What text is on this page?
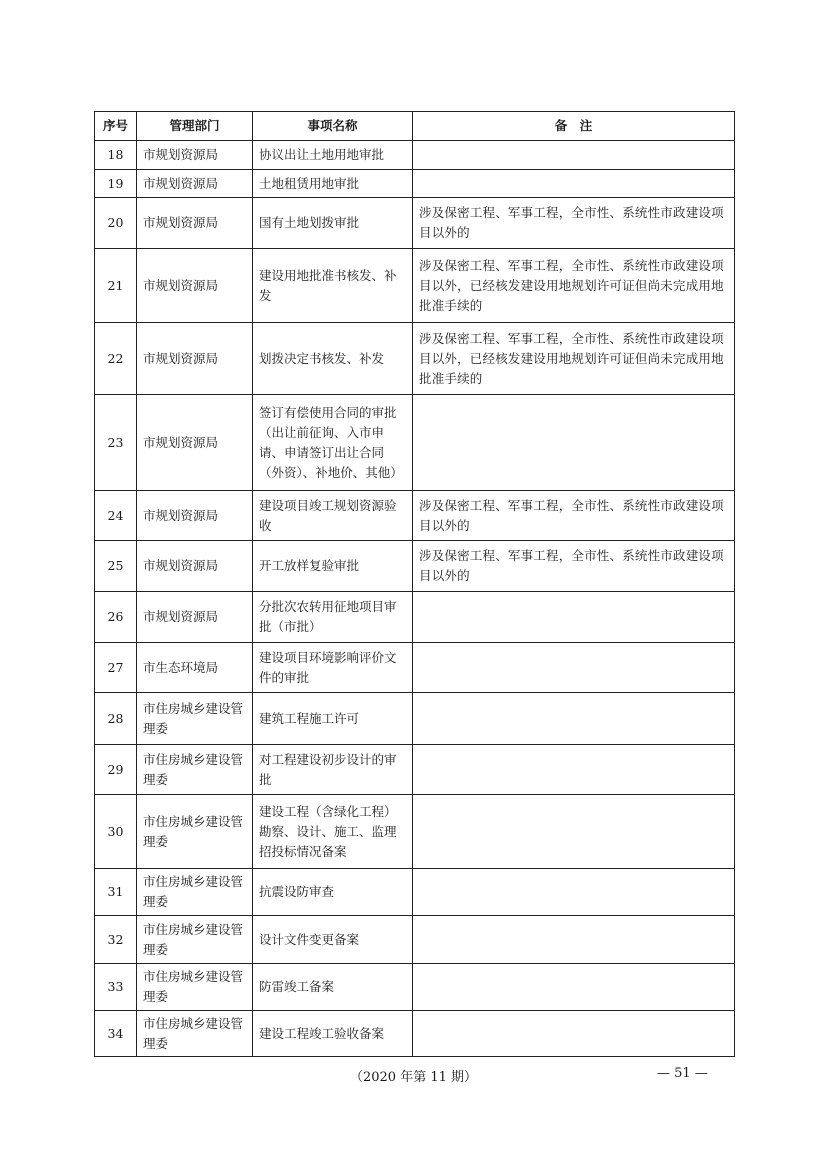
序号	管理部门	事项名称	备　注
18	市规划资源局	协议出让土地用地审批	
19	市规划资源局	土地租赁用地审批	
20	市规划资源局	国有土地划拨审批	涉及保密工程、军事工程，全市性、系统性市政建设项目以外的
21	市规划资源局	建设用地批准书核发、补发	涉及保密工程、军事工程，全市性、系统性市政建设项目以外，已经核发建设用地规划许可证但尚未完成用地批准手续的
22	市规划资源局	划拨决定书核发、补发	涉及保密工程、军事工程，全市性、系统性市政建设项目以外，已经核发建设用地规划许可证但尚未完成用地批准手续的
23	市规划资源局	签订有偿使用合同的审批（出让前征询、入市申请、申请签订出让合同（外资）、补地价、其他）	
24	市规划资源局	建设项目竣工规划资源验收	涉及保密工程、军事工程，全市性、系统性市政建设项目以外的
25	市规划资源局	开工放样复验审批	涉及保密工程、军事工程，全市性、系统性市政建设项目以外的
26	市规划资源局	分批次农转用征地项目审批（市批）	
27	市生态环境局	建设项目环境影响评价文件的审批	
28	市住房城乡建设管理委	建筑工程施工许可	
29	市住房城乡建设管理委	对工程建设初步设计的审批	
30	市住房城乡建设管理委	建设工程（含绿化工程）勘察、设计、施工、监理招投标情况备案	
31	市住房城乡建设管理委	抗震设防审查	
32	市住房城乡建设管理委	设计文件变更备案	
33	市住房城乡建设管理委	防雷竣工备案	
34	市住房城乡建设管理委	建设工程竣工验收备案	
（2020 年第 11 期）	— 51 —
